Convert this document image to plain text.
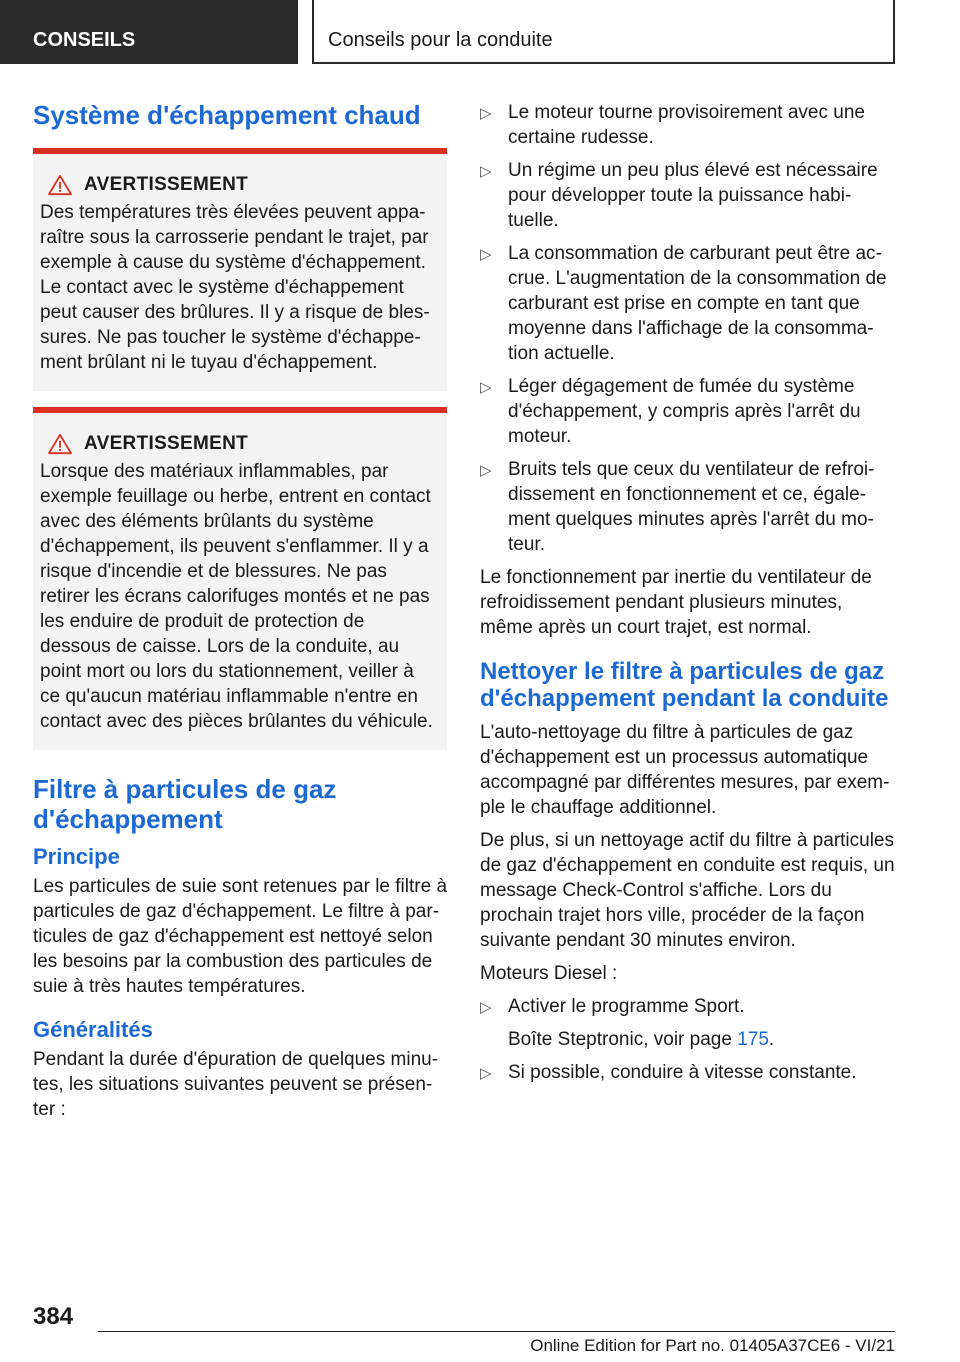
CONSEILS	Conseils pour la conduite
Système d'échappement chaud
AVERTISSEMENT

Des températures très élevées peuvent apparaître sous la carrosserie pendant le trajet, par exemple à cause du système d'échappement. Le contact avec le système d'échappement peut causer des brûlures. Il y a risque de blessures. Ne pas toucher le système d'échappement brûlant ni le tuyau d'échappement.

AVERTISSEMENT

Lorsque des matériaux inflammables, par exemple feuillage ou herbe, entrent en contact avec des éléments brûlants du système d'échappement, ils peuvent s'enflammer. Il y a risque d'incendie et de blessures. Ne pas retirer les écrans calorifuges montés et ne pas les enduire de produit de protection de dessous de caisse. Lors de la conduite, au point mort ou lors du stationnement, veiller à ce qu'aucun matériau inflammable n'entre en contact avec des pièces brûlantes du véhicule.

Filtre à particules de gaz d'échappement
Principe

Les particules de suie sont retenues par le filtre à particules de gaz d'échappement. Le filtre à particules de gaz d'échappement est nettoyé selon les besoins par la combustion des particules de suie à très hautes températures.

Généralités

Pendant la durée d'épuration de quelques minutes, les situations suivantes peuvent se présenter :

▷ Le moteur tourne provisoirement avec une certaine rudesse.
▷ Un régime un peu plus élevé est nécessaire pour développer toute la puissance habituelle.
▷ La consommation de carburant peut être accrue. L'augmentation de la consommation de carburant est prise en compte en tant que moyenne dans l'affichage de la consommation actuelle.
▷ Léger dégagement de fumée du système d'échappement, y compris après l'arrêt du moteur.
▷ Bruits tels que ceux du ventilateur de refroidissement en fonctionnement et ce, également quelques minutes après l'arrêt du moteur.

Le fonctionnement par inertie du ventilateur de refroidissement pendant plusieurs minutes, même après un court trajet, est normal.

Nettoyer le filtre à particules de gaz d'échappement pendant la conduite

L'auto-nettoyage du filtre à particules de gaz d'échappement est un processus automatique accompagné par différentes mesures, par exemple le chauffage additionnel.

De plus, si un nettoyage actif du filtre à particules de gaz d'échappement en conduite est requis, un message Check-Control s'affiche. Lors du prochain trajet hors ville, procéder de la façon suivante pendant 30 minutes environ.

Moteurs Diesel :

▷ Activer le programme Sport.
Boîte Steptronic, voir page 175.
▷ Si possible, conduire à vitesse constante.
384
Online Edition for Part no. 01405A37CE6 - VI/21
